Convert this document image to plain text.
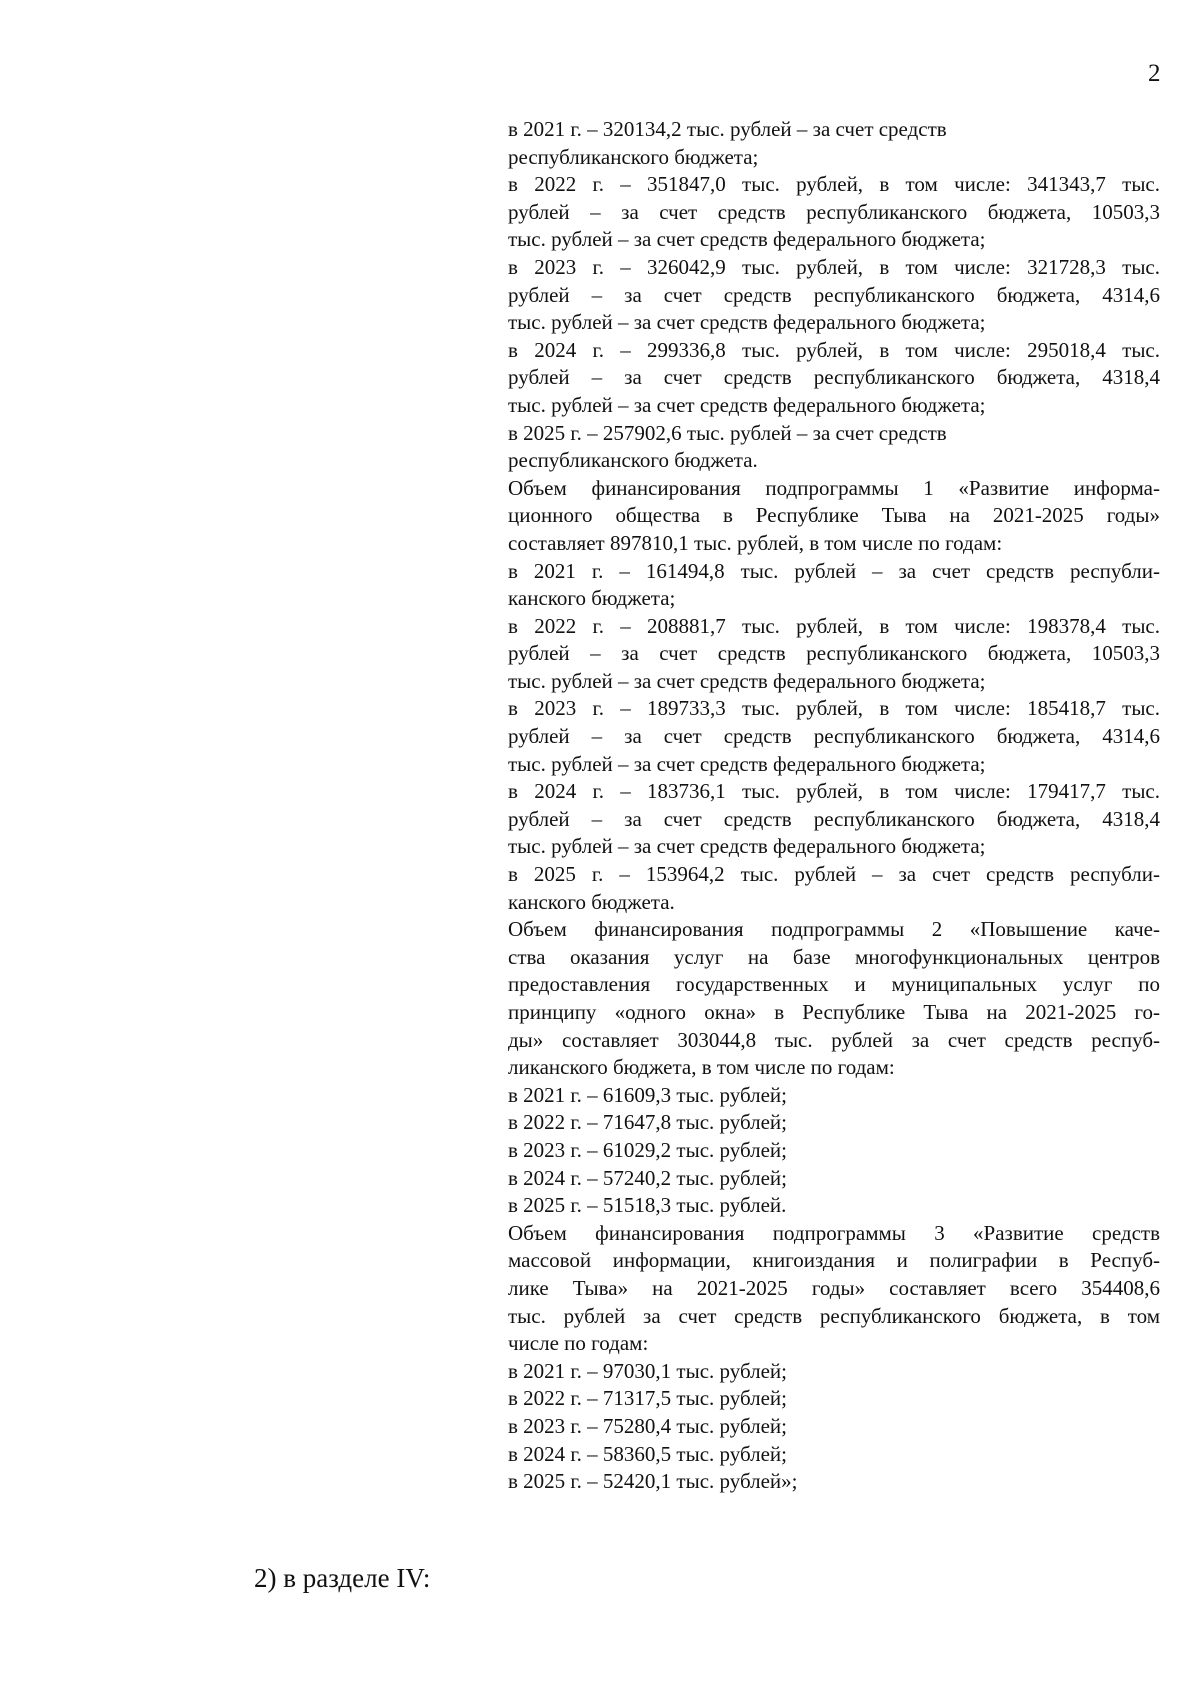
2
в 2021 г. – 320134,2 тыс. рублей – за счет средств
республиканского бюджета;
в 2022 г. – 351847,0 тыс. рублей, в том числе: 341343,7 тыс.
рублей – за счет средств республиканского бюджета, 10503,3
тыс. рублей – за счет средств федерального бюджета;
в 2023 г. – 326042,9 тыс. рублей, в том числе: 321728,3 тыс.
рублей – за счет средств республиканского бюджета, 4314,6
тыс. рублей – за счет средств федерального бюджета;
в 2024 г. – 299336,8 тыс. рублей, в том числе: 295018,4 тыс.
рублей – за счет средств республиканского бюджета, 4318,4
тыс. рублей – за счет средств федерального бюджета;
в 2025 г. – 257902,6 тыс. рублей – за счет средств
республиканского бюджета.
Объем финансирования подпрограммы 1 «Развитие информа-
ционного общества в Республике Тыва на 2021-2025 годы»
составляет 897810,1 тыс. рублей, в том числе по годам:
в 2021 г. – 161494,8 тыс. рублей – за счет средств республи-
канского бюджета;
в 2022 г. – 208881,7 тыс. рублей, в том числе: 198378,4 тыс.
рублей – за счет средств республиканского бюджета, 10503,3
тыс. рублей – за счет средств федерального бюджета;
в 2023 г. – 189733,3 тыс. рублей, в том числе: 185418,7 тыс.
рублей – за счет средств республиканского бюджета, 4314,6
тыс. рублей – за счет средств федерального бюджета;
в 2024 г. – 183736,1 тыс. рублей, в том числе: 179417,7 тыс.
рублей – за счет средств республиканского бюджета, 4318,4
тыс. рублей – за счет средств федерального бюджета;
в 2025 г. – 153964,2 тыс. рублей – за счет средств республи-
канского бюджета.
Объем финансирования подпрограммы 2 «Повышение каче-
ства оказания услуг на базе многофункциональных центров
предоставления государственных и муниципальных услуг по
принципу «одного окна» в Республике Тыва на 2021-2025 го-
ды» составляет 303044,8 тыс. рублей за счет средств респуб-
ликанского бюджета, в том числе по годам:
в 2021 г. – 61609,3 тыс. рублей;
в 2022 г. – 71647,8 тыс. рублей;
в 2023 г. – 61029,2 тыс. рублей;
в 2024 г. – 57240,2 тыс. рублей;
в 2025 г. – 51518,3 тыс. рублей.
Объем финансирования подпрограммы 3 «Развитие средств
массовой информации, книгоиздания и полиграфии в Респуб-
лике Тыва» на 2021-2025 годы» составляет всего 354408,6
тыс. рублей за счет средств республиканского бюджета, в том
числе по годам:
в 2021 г. – 97030,1 тыс. рублей;
в 2022 г. – 71317,5 тыс. рублей;
в 2023 г. – 75280,4 тыс. рублей;
в 2024 г. – 58360,5 тыс. рублей;
в 2025 г. – 52420,1 тыс. рублей»;
2) в разделе IV:
